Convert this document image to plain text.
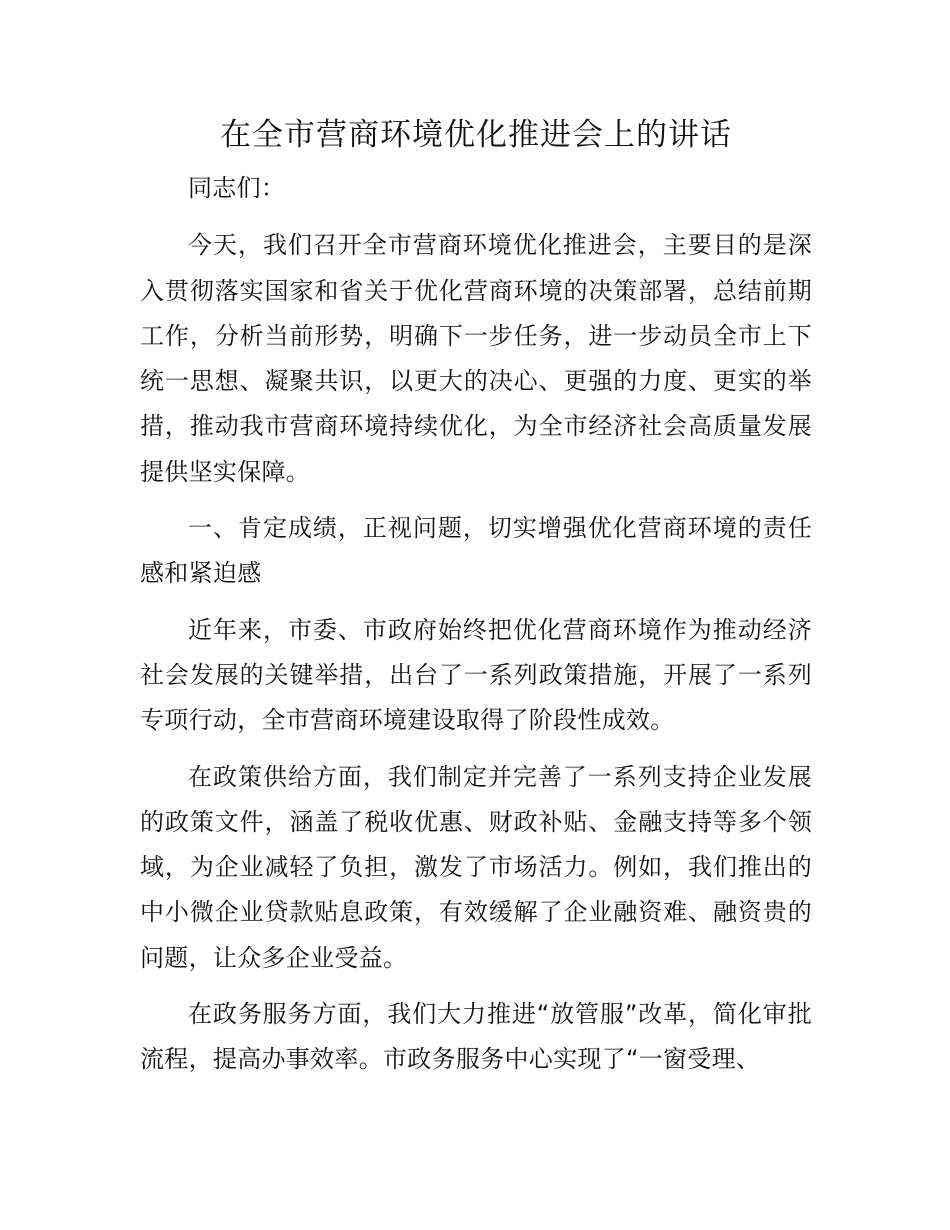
在全市营商环境优化推进会上的讲话

同志们：

今天，我们召开全市营商环境优化推进会，主要目的是深入贯彻落实国家和省关于优化营商环境的决策部署，总结前期工作，分析当前形势，明确下一步任务，进一步动员全市上下统一思想、凝聚共识，以更大的决心、更强的力度、更实的举措，推动我市营商环境持续优化，为全市经济社会高质量发展提供坚实保障。

一、肯定成绩，正视问题，切实增强优化营商环境的责任感和紧迫感

近年来，市委、市政府始终把优化营商环境作为推动经济社会发展的关键举措，出台了一系列政策措施，开展了一系列专项行动，全市营商环境建设取得了阶段性成效。

在政策供给方面，我们制定并完善了一系列支持企业发展的政策文件，涵盖了税收优惠、财政补贴、金融支持等多个领域，为企业减轻了负担，激发了市场活力。例如，我们推出的中小微企业贷款贴息政策，有效缓解了企业融资难、融资贵的问题，让众多企业受益。

在政务服务方面，我们大力推进“放管服”改革，简化审批流程，提高办事效率。市政务服务中心实现了“一窗受理、
